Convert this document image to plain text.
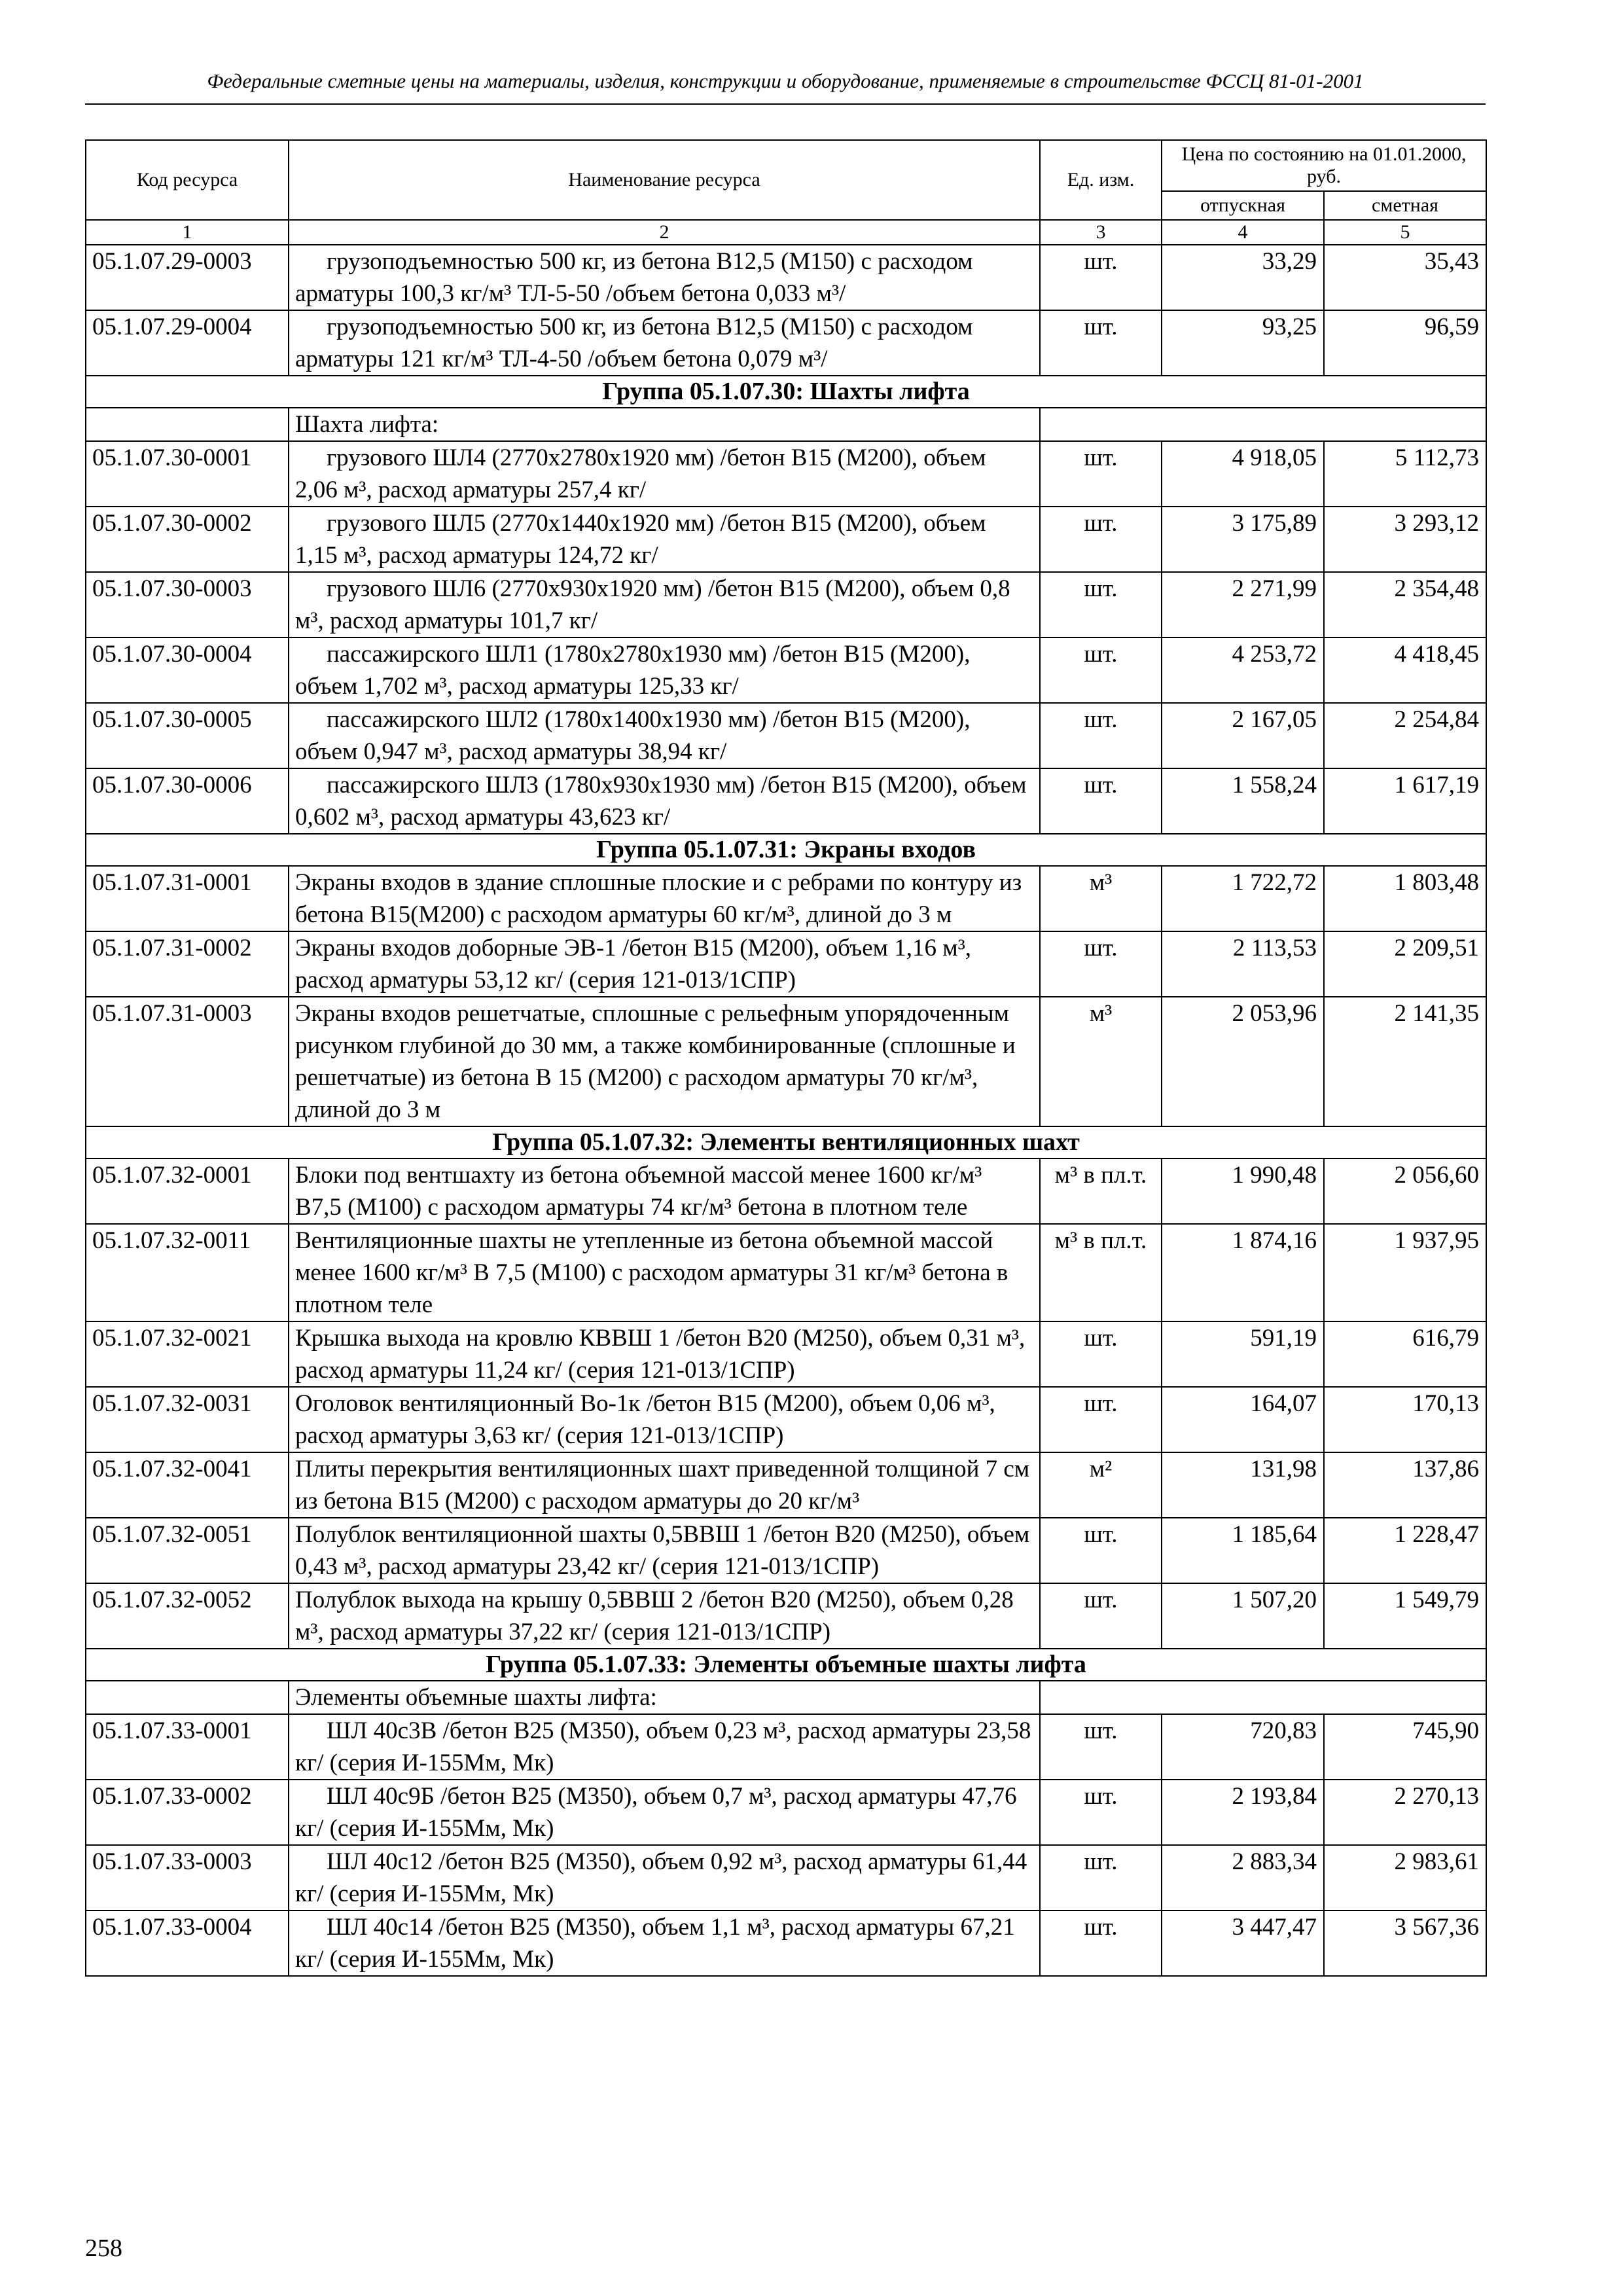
Федеральные сметные цены на материалы, изделия, конструкции и оборудование, применяемые в строительстве ФССЦ 81-01-2001
Код ресурса	Наименование ресурса	Ед. изм.	Цена по состоянию на 01.01.2000, руб.	
			отпускная	сметная
1	2	3	4	5
05.1.07.29-0003	грузоподъемностью 500 кг, из бетона В12,5 (М150) с расходом арматуры 100,3 кг/м³ ТЛ-5-50 /объем бетона 0,033 м³/	шт.	33,29	35,43
05.1.07.29-0004	грузоподъемностью 500 кг, из бетона В12,5 (М150) с расходом арматуры 121 кг/м³ ТЛ-4-50 /объем бетона 0,079 м³/	шт.	93,25	96,59
Группа 05.1.07.30: Шахты лифта				
	Шахта лифта:			
05.1.07.30-0001	грузового ШЛ4 (2770x2780x1920 мм) /бетон В15 (М200), объем 2,06 м³, расход арматуры 257,4 кг/	шт.	4 918,05	5 112,73
05.1.07.30-0002	грузового ШЛ5 (2770x1440x1920 мм) /бетон В15 (М200), объем 1,15 м³, расход арматуры 124,72 кг/	шт.	3 175,89	3 293,12
05.1.07.30-0003	грузового ШЛ6 (2770x930x1920 мм) /бетон В15 (М200), объем 0,8 м³, расход арматуры 101,7 кг/	шт.	2 271,99	2 354,48
05.1.07.30-0004	пассажирского ШЛ1 (1780x2780x1930 мм) /бетон В15 (М200), объем 1,702 м³, расход арматуры 125,33 кг/	шт.	4 253,72	4 418,45
05.1.07.30-0005	пассажирского ШЛ2 (1780x1400x1930 мм) /бетон В15 (М200), объем 0,947 м³, расход арматуры 38,94 кг/	шт.	2 167,05	2 254,84
05.1.07.30-0006	пассажирского ШЛ3 (1780x930x1930 мм) /бетон В15 (М200), объем 0,602 м³, расход арматуры 43,623 кг/	шт.	1 558,24	1 617,19
Группа 05.1.07.31: Экраны входов				
05.1.07.31-0001	Экраны входов в здание сплошные плоские и с ребрами по контуру из бетона В15(М200) с расходом арматуры 60 кг/м³, длиной до 3 м	м³	1 722,72	1 803,48
05.1.07.31-0002	Экраны входов доборные ЭВ-1 /бетон В15 (М200), объем 1,16 м³, расход арматуры 53,12 кг/ (серия 121-013/1СПР)	шт.	2 113,53	2 209,51
05.1.07.31-0003	Экраны входов решетчатые, сплошные с рельефным упорядоченным рисунком глубиной до 30 мм, а также комбинированные (сплошные и решетчатые) из бетона В 15 (М200) с расходом арматуры 70 кг/м³, длиной до 3 м	м³	2 053,96	2 141,35
Группа 05.1.07.32: Элементы вентиляционных шахт				
05.1.07.32-0001	Блоки под вентшахту из бетона объемной массой менее 1600 кг/м³ В7,5 (М100) с расходом арматуры 74 кг/м³ бетона в плотном теле	м³ в пл.т.	1 990,48	2 056,60
05.1.07.32-0011	Вентиляционные шахты не утепленные из бетона объемной массой менее 1600 кг/м³ В 7,5 (М100) с расходом арматуры 31 кг/м³ бетона в плотном теле	м³ в пл.т.	1 874,16	1 937,95
05.1.07.32-0021	Крышка выхода на кровлю КВВШ 1 /бетон В20 (М250), объем 0,31 м³, расход арматуры 11,24 кг/ (серия 121-013/1СПР)	шт.	591,19	616,79
05.1.07.32-0031	Оголовок вентиляционный Во-1к /бетон В15 (М200), объем 0,06 м³, расход арматуры 3,63 кг/ (серия 121-013/1СПР)	шт.	164,07	170,13
05.1.07.32-0041	Плиты перекрытия вентиляционных шахт приведенной толщиной 7 см из бетона В15 (М200) с расходом арматуры до 20 кг/м³	м²	131,98	137,86
05.1.07.32-0051	Полублок вентиляционной шахты 0,5ВВШ 1 /бетон В20 (М250), объем 0,43 м³, расход арматуры 23,42 кг/ (серия 121-013/1СПР)	шт.	1 185,64	1 228,47
05.1.07.32-0052	Полублок выхода на крышу 0,5ВВШ 2 /бетон В20 (М250), объем 0,28 м³, расход арматуры 37,22 кг/ (серия 121-013/1СПР)	шт.	1 507,20	1 549,79
Группа 05.1.07.33: Элементы объемные шахты лифта				
	Элементы объемные шахты лифта:			
05.1.07.33-0001	ШЛ 40с3В /бетон В25 (М350), объем 0,23 м³, расход арматуры 23,58 кг/ (серия И-155Мм, Мк)	шт.	720,83	745,90
05.1.07.33-0002	ШЛ 40с9Б /бетон В25 (М350), объем 0,7 м³, расход арматуры 47,76 кг/ (серия И-155Мм, Мк)	шт.	2 193,84	2 270,13
05.1.07.33-0003	ШЛ 40с12 /бетон В25 (М350), объем 0,92 м³, расход арматуры 61,44 кг/ (серия И-155Мм, Мк)	шт.	2 883,34	2 983,61
05.1.07.33-0004	ШЛ 40с14 /бетон В25 (М350), объем 1,1 м³, расход арматуры 67,21 кг/ (серия И-155Мм, Мк)	шт.	3 447,47	3 567,36
258
